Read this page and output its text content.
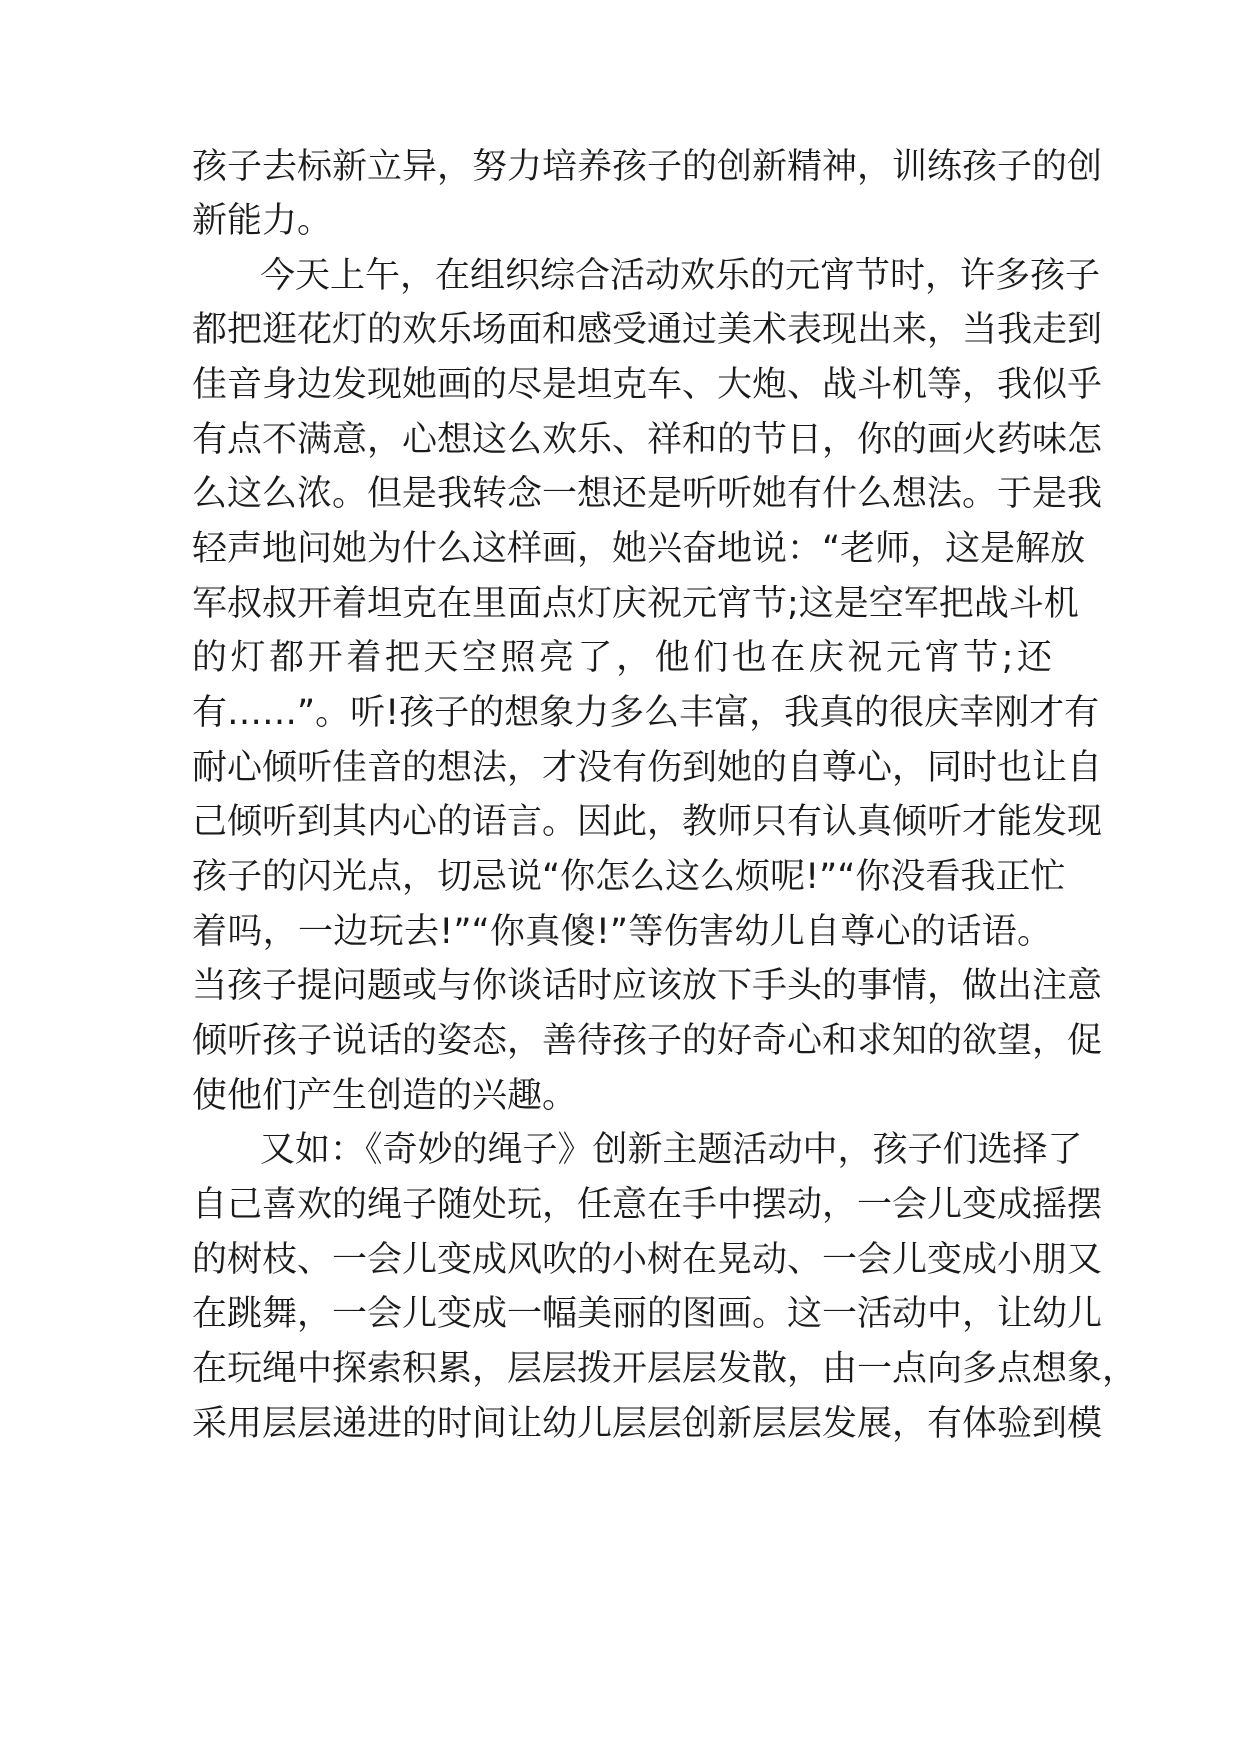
孩子去标新立异，努力培养孩子的创新精神，训练孩子的创
新能力。
今天上午，在组织综合活动欢乐的元宵节时，许多孩子
都把逛花灯的欢乐场面和感受通过美术表现出来，当我走到
佳音身边发现她画的尽是坦克车、大炮、战斗机等，我似乎
有点不满意，心想这么欢乐、祥和的节日，你的画火药味怎
么这么浓。但是我转念一想还是听听她有什么想法。于是我
轻声地问她为什么这样画，她兴奋地说：“老师，这是解放
军叔叔开着坦克在里面点灯庆祝元宵节;这是空军把战斗机
的灯都开着把天空照亮了，他们也在庆祝元宵节;还
有……”。听!孩子的想象力多么丰富，我真的很庆幸刚才有
耐心倾听佳音的想法，才没有伤到她的自尊心，同时也让自
己倾听到其内心的语言。因此，教师只有认真倾听才能发现
孩子的闪光点，切忌说“你怎么这么烦呢!”“你没看我正忙
着吗，一边玩去!”“你真傻!”等伤害幼儿自尊心的话语。
当孩子提问题或与你谈话时应该放下手头的事情，做出注意
倾听孩子说话的姿态，善待孩子的好奇心和求知的欲望，促
使他们产生创造的兴趣。
又如：《奇妙的绳子》创新主题活动中，孩子们选择了
自己喜欢的绳子随处玩，任意在手中摆动，一会儿变成摇摆
的树枝、一会儿变成风吹的小树在晃动、一会儿变成小朋又
在跳舞，一会儿变成一幅美丽的图画。这一活动中，让幼儿
在玩绳中探索积累，层层拨开层层发散，由一点向多点想象，
采用层层递进的时间让幼儿层层创新层层发展，有体验到模
